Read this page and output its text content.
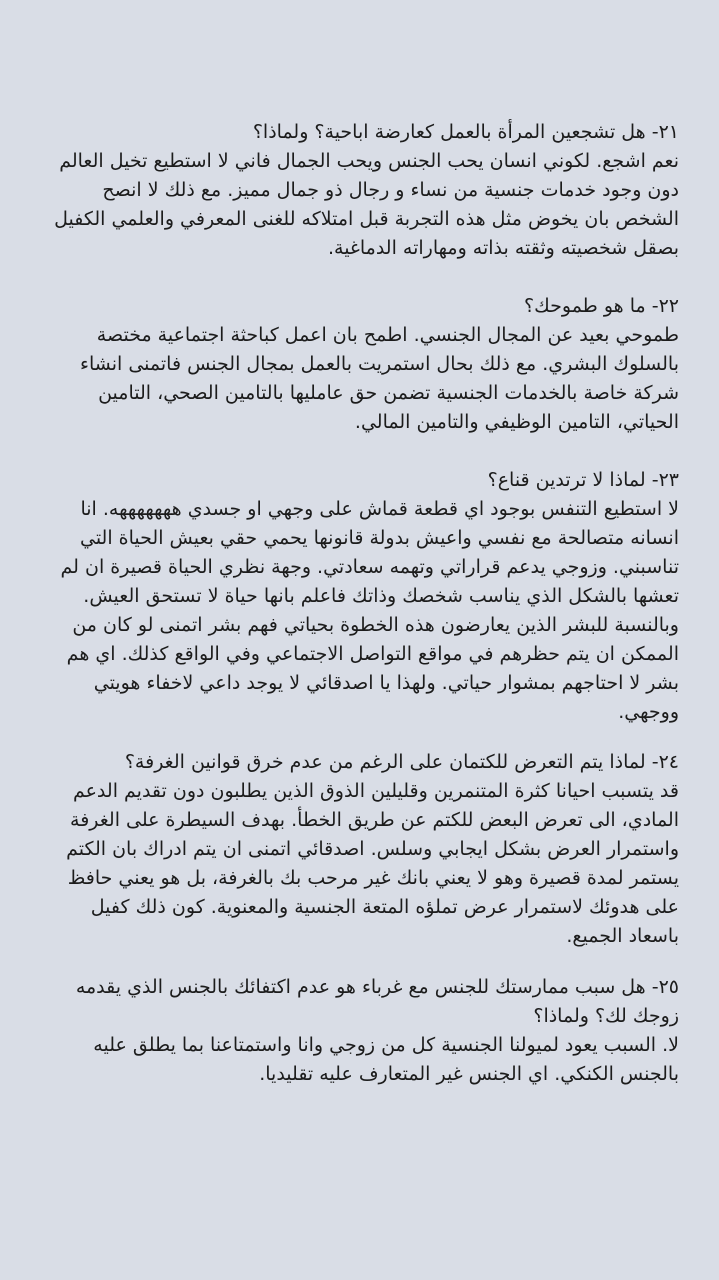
٢١- هل تشجعين المرأة بالعمل كعارضة اباحية؟ ولماذا؟

نعم اشجع. لكوني انسان يحب الجنس ويحب الجمال فاني لا استطيع تخيل العالم دون وجود خدمات جنسية من نساء و رجال ذو جمال مميز. مع ذلك لا انصح الشخص بان يخوض مثل هذه التجربة قبل امتلاكه للغنى المعرفي والعلمي الكفيل بصقل شخصيته وثقته بذاته ومهاراته الدماغية.

٢٢- ما هو طموحك؟

طموحي بعيد عن المجال الجنسي. اطمح بان اعمل كباحثة اجتماعية مختصة بالسلوك البشري. مع ذلك بحال استمريت بالعمل بمجال الجنس فاتمنى انشاء شركة خاصة بالخدمات الجنسية تضمن حق عامليها بالتامين الصحي، التامين الحياتي، التامين الوظيفي والتامين المالي.

٢٣- لماذا لا ترتدين قناع؟

لا استطيع التنفس بوجود اي قطعة قماش على وجهي او جسدي هههههههه. انا انسانه متصالحة مع نفسي واعيش بدولة قانونها يحمي حقي بعيش الحياة التي تناسبني. وزوجي يدعم قراراتي وتهمه سعادتي. وجهة نظري الحياة قصيرة ان لم تعشها بالشكل الذي يناسب شخصك وذاتك فاعلم بانها حياة لا تستحق العيش. وبالنسبة للبشر الذين يعارضون هذه الخطوة بحياتي فهم بشر اتمنى لو كان من الممكن ان يتم حظرهم في مواقع التواصل الاجتماعي وفي الواقع كذلك. اي هم بشر لا احتاجهم بمشوار حياتي. ولهذا يا اصدقائي لا يوجد داعي لاخفاء هويتي ووجهي.

٢٤- لماذا يتم التعرض للكتمان على الرغم من عدم خرق قوانين الغرفة؟

قد يتسبب احيانا كثرة المتنمرين وقليلين الذوق الذين يطلبون دون تقديم الدعم المادي، الى تعرض البعض للكتم عن طريق الخطأ. بهدف السيطرة على الغرفة واستمرار العرض بشكل ايجابي وسلس. اصدقائي اتمنى ان يتم ادراك بان الكتم يستمر لمدة قصيرة وهو لا يعني بانك غير مرحب بك بالغرفة، بل هو يعني حافظ على هدوئك لاستمرار عرض تملؤه المتعة الجنسية والمعنوية. كون ذلك كفيل باسعاد الجميع.

٢٥- هل سبب ممارستك للجنس مع غرباء هو عدم اكتفائك بالجنس الذي يقدمه زوجك لك؟ ولماذا؟

لا. السبب يعود لميولنا الجنسية كل من زوجي وانا واستمتاعنا بما يطلق عليه بالجنس الكنكي. اي الجنس غير المتعارف عليه تقليديا.
